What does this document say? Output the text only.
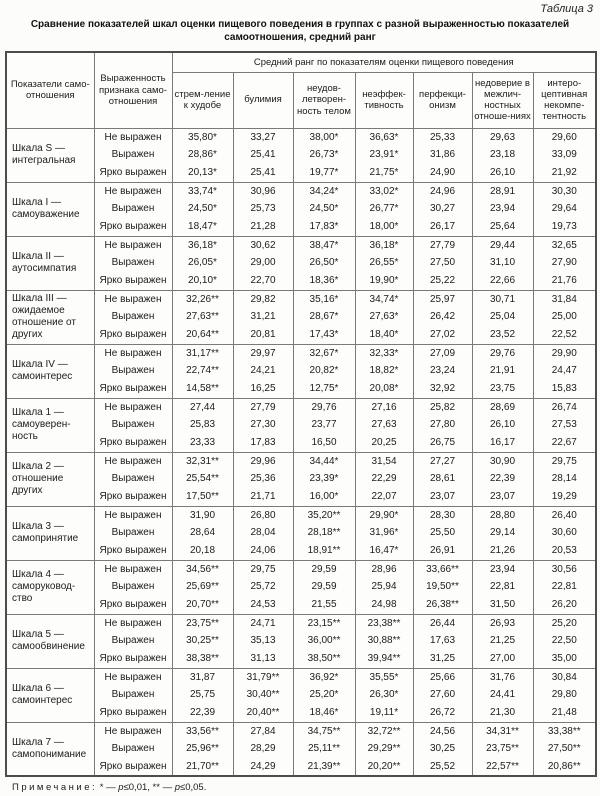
Таблица 3
Сравнение показателей шкал оценки пищевого поведения в группах с разной выраженностью показателей самоотношения, средний ранг
Показатели само-отношения	Выраженность признака само-отношения	Средний ранг по показателям оценки пищевого поведения						
		стрем-ление к худобе	булимия	неудов-летворен-ность телом	неэффек-тивность	перфекци-онизм	недоверие в межлич-ностных отноше-ниях	интеро-цептивная некомпе-тентность
Шкала S — интегральная	Не выражен	35,80*	33,27	38,00*	36,63*	25,33	29,63	29,60
	Выражен	28,86*	25,41	26,73*	23,91*	31,86	23,18	33,09
	Ярко выражен	20,13*	25,41	19,77*	21,75*	24,90	26,10	21,92
Шкала I — самоуважение	Не выражен	33,74*	30,96	34,24*	33,02*	24,96	28,91	30,30
	Выражен	24,50*	25,73	24,50*	26,77*	30,27	23,94	29,64
	Ярко выражен	18,47*	21,28	17,83*	18,00*	26,17	25,64	19,73
Шкала II — аутосимпатия	Не выражен	36,18*	30,62	38,47*	36,18*	27,79	29,44	32,65
	Выражен	26,05*	29,00	26,50*	26,55*	27,50	31,10	27,90
	Ярко выражен	20,10*	22,70	18,36*	19,90*	25,22	22,66	21,76
Шкала III — ожидаемое отношение от других	Не выражен	32,26**	29,82	35,16*	34,74*	25,97	30,71	31,84
	Выражен	27,63**	31,21	28,67*	27,63*	26,42	25,04	25,00
	Ярко выражен	20,64**	20,81	17,43*	18,40*	27,02	23,52	22,52
Шкала IV — самоинтерес	Не выражен	31,17**	29,97	32,67*	32,33*	27,09	29,76	29,90
	Выражен	22,74**	24,21	20,82*	18,82*	23,24	21,91	24,47
	Ярко выражен	14,58**	16,25	12,75*	20,08*	32,92	23,75	15,83
Шкала 1 — самоуверен-ность	Не выражен	27,44	27,79	29,76	27,16	25,82	28,69	26,74
	Выражен	25,83	27,30	23,77	27,63	27,80	26,10	27,53
	Ярко выражен	23,33	17,83	16,50	20,25	26,75	16,17	22,67
Шкала 2 — отношение других	Не выражен	32,31**	29,96	34,44*	31,54	27,27	30,90	29,75
	Выражен	25,54**	25,36	23,39*	22,29	28,61	22,39	28,14
	Ярко выражен	17,50**	21,71	16,00*	22,07	23,07	23,07	19,29
Шкала 3 — самопринятие	Не выражен	31,90	26,80	35,20**	29,90*	28,30	28,80	26,40
	Выражен	28,64	28,04	28,18**	31,96*	25,50	29,14	30,60
	Ярко выражен	20,18	24,06	18,91**	16,47*	26,91	21,26	20,53
Шкала 4 — саморуковод-ство	Не выражен	34,56**	29,75	29,59	28,96	33,66**	23,94	30,56
	Выражен	25,69**	25,72	29,59	25,94	19,50**	22,81	22,81
	Ярко выражен	20,70**	24,53	21,55	24,98	26,38**	31,50	26,20
Шкала 5 — самообвинение	Не выражен	23,75**	24,71	23,15**	23,38**	26,44	26,93	25,20
	Выражен	30,25**	35,13	36,00**	30,88**	17,63	21,25	22,50
	Ярко выражен	38,38**	31,13	38,50**	39,94**	31,25	27,00	35,00
Шкала 6 — самоинтерес	Не выражен	31,87	31,79**	36,92*	35,55*	25,66	31,76	30,84
	Выражен	25,75	30,40**	25,20*	26,30*	27,60	24,41	29,80
	Ярко выражен	22,39	20,40**	18,46*	19,11*	26,72	21,30	21,48
Шкала 7 — самопонимание	Не выражен	33,56**	27,84	34,75**	32,72**	24,56	34,31**	33,38**
	Выражен	25,96**	28,29	25,11**	29,29**	30,25	23,75**	27,50**
	Ярко выражен	21,70**	24,29	21,39**	20,20**	25,52	22,57**	20,86**
Примечание: * — p≤0,01, ** — p≤0,05.
